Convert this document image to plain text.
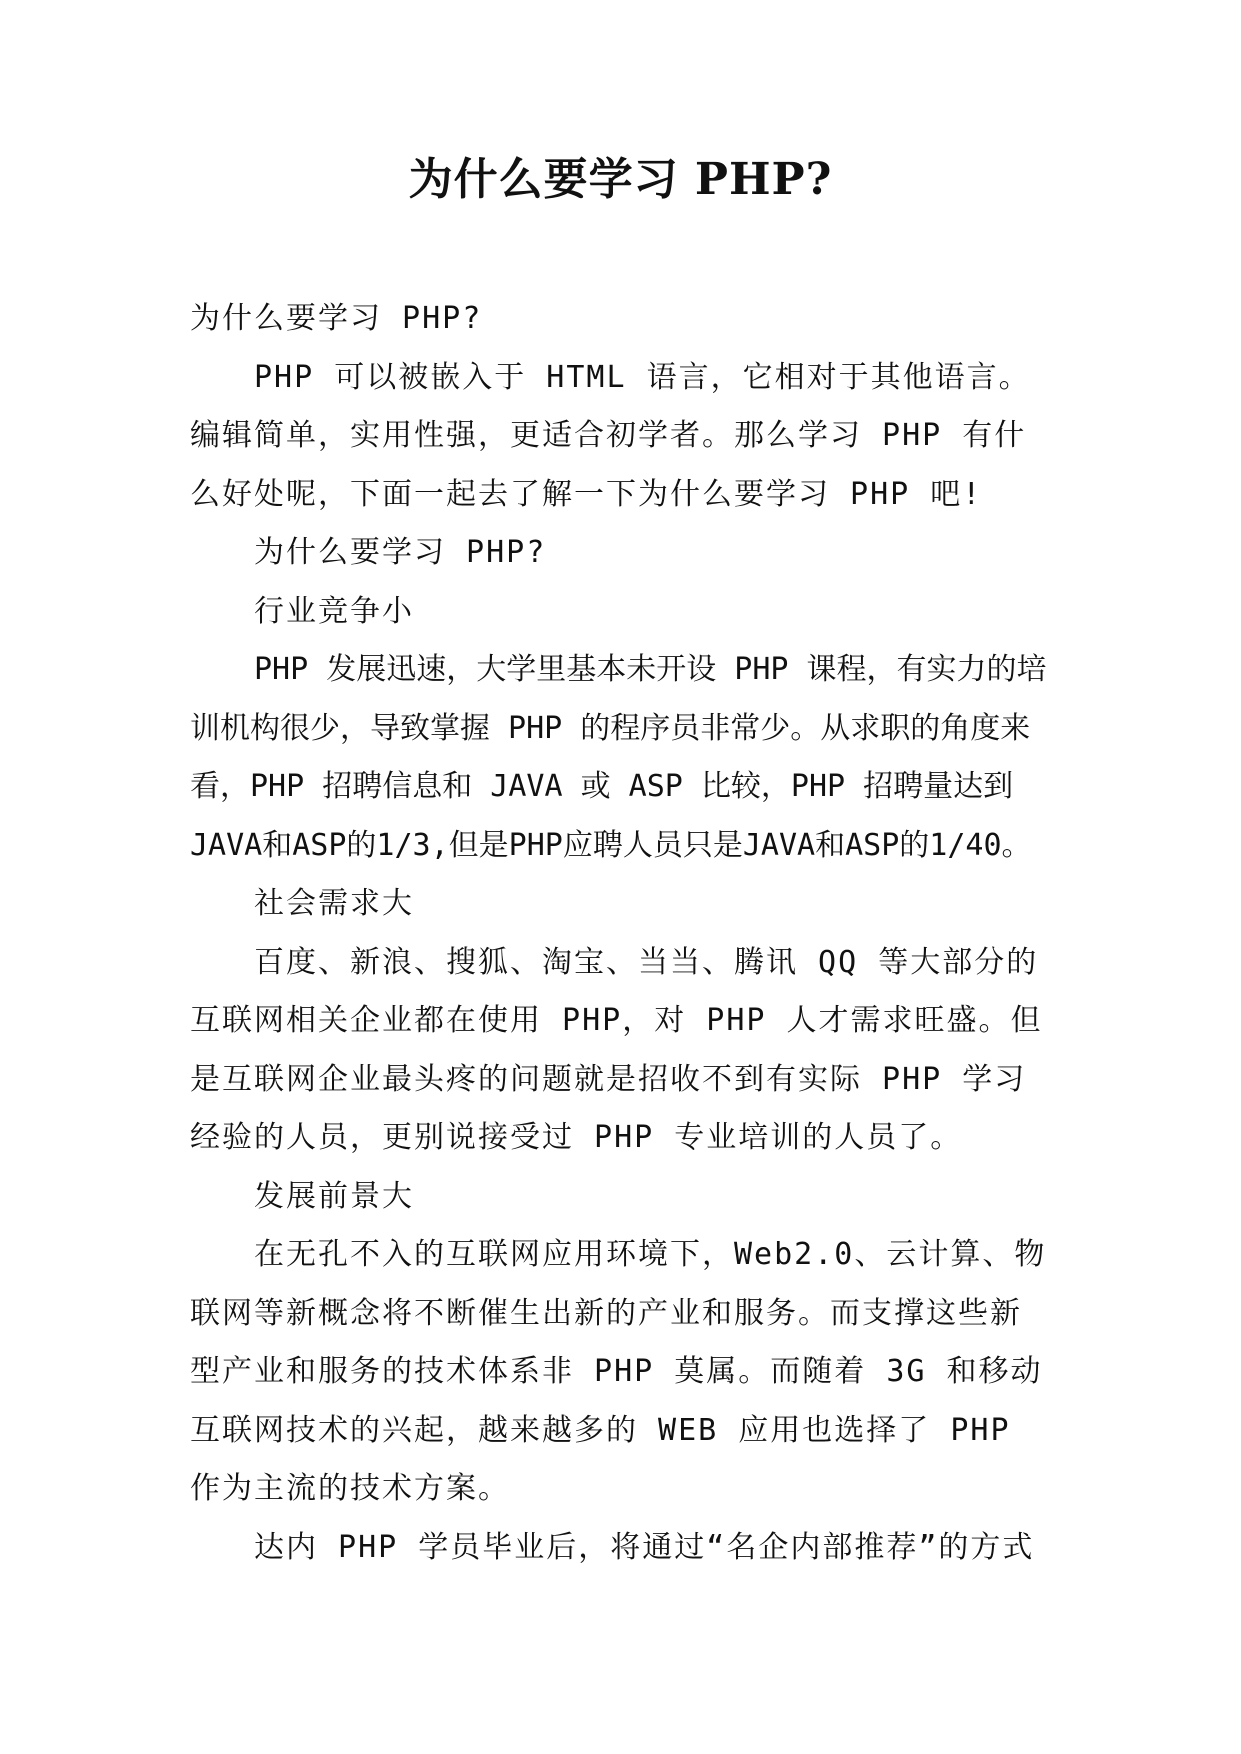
为什么要学习 PHP?

为什么要学习 PHP?

PHP 可以被嵌入于 HTML 语言，它相对于其他语言。编辑简单，实用性强，更适合初学者。那么学习 PHP 有什么好处呢，下面一起去了解一下为什么要学习 PHP 吧!

为什么要学习 PHP?

行业竞争小

PHP 发展迅速，大学里基本未开设 PHP 课程，有实力的培训机构很少，导致掌握 PHP 的程序员非常少。从求职的角度来看，PHP 招聘信息和 JAVA 或 ASP 比较，PHP 招聘量达到 JAVA和ASP的1/3,但是PHP应聘人员只是JAVA和ASP的1/40。

社会需求大

百度、新浪、搜狐、淘宝、当当、腾讯 QQ 等大部分的互联网相关企业都在使用 PHP，对 PHP 人才需求旺盛。但是互联网企业最头疼的问题就是招收不到有实际 PHP 学习经验的人员，更别说接受过 PHP 专业培训的人员了。

发展前景大

在无孔不入的互联网应用环境下，Web2.0、云计算、物联网等新概念将不断催生出新的产业和服务。而支撑这些新型产业和服务的技术体系非 PHP 莫属。而随着 3G 和移动互联网技术的兴起，越来越多的 WEB 应用也选择了 PHP 作为主流的技术方案。

达内 PHP 学员毕业后，将通过“名企内部推荐”的方式
